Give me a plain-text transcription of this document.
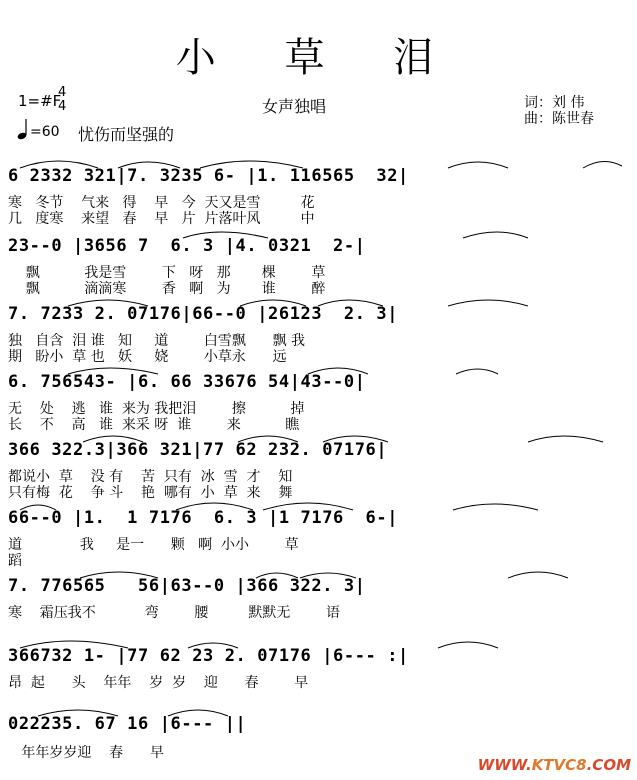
小 草 泪
1=#F
4
4	女声独唱	词：刘 伟
曲：陈世春
=60 忧伤而坚强的
6 2332 321|7. 3235 6- |1. 116565  32|
寒   冬节    气来   得    早   今  天又是雪         花
几   度寒    来望   春    早   片  片落叶风         中
23--0 |3656 7  6. 3 |4. 0321  2-|
飘          我是雪        下   呀   那       棵        草
飘          滴滴寒        香   啊   为       谁        醉
7. 7233 2. 07176|66--0 |26123  2. 3|
独   自含  泪 谁   知     道        白雪飘      飘 我
期   盼小  草 也   妖     娆        小草永      远
6. 756543- |6. 66 33676 54|43--0|
无    处    逃   谁  来为 我把泪        擦          掉
长    不    高   谁  来采 呀  谁        来          瞧
366 322.3|366 321|77 62 232. 07176|
都说小  草    没 有    苦  只有  冰  雪  才    知
只有梅  花    争 斗    艳  哪有  小  草  来    舞
66--0 |1.  1 7176  6. 3 |1 7176  6-|
道             我     是一      颗   啊  小小        草
蹈
7. 776565   56|63--0 |366 322. 3|
寒    霜压我不           弯        腰         默默无        语
366732 1- |77 62 23 2. 07176 |6--- :|
昂  起      头    年年    岁  岁    迎      春        早
022235. 67 16 |6--- ||
年年岁岁迎    春      早
WWW.KTVC8.COM
